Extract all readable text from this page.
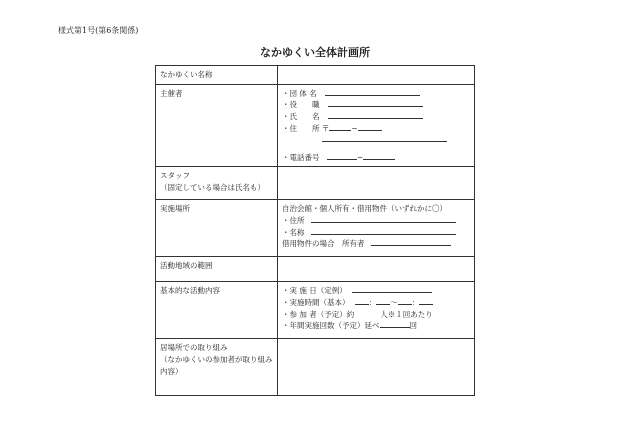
様式第1号(第6条関係)
なかゆくい全体計画所
なかゆくい名称	
主催者	・団 体 名
・役　　職
・氏　　名
・住　　所 〒 −
・電話番号 −

スタッフ
（固定している場合は氏名も）	

実施場所	自治会館・個人所有・借用物件（いずれかに〇）
・住所
・名称
借用物件の場合　所有者

活動地域の範囲	
基本的な活動内容	・実 施 日（定例）
・実施時間（基本） ： 〜 ：
・参 加 者（予定）約 人※１回あたり
・年間実施回数（予定）延べ 回

居場所での取り組み
（なかゆくいの参加者が取り組み内容）	
